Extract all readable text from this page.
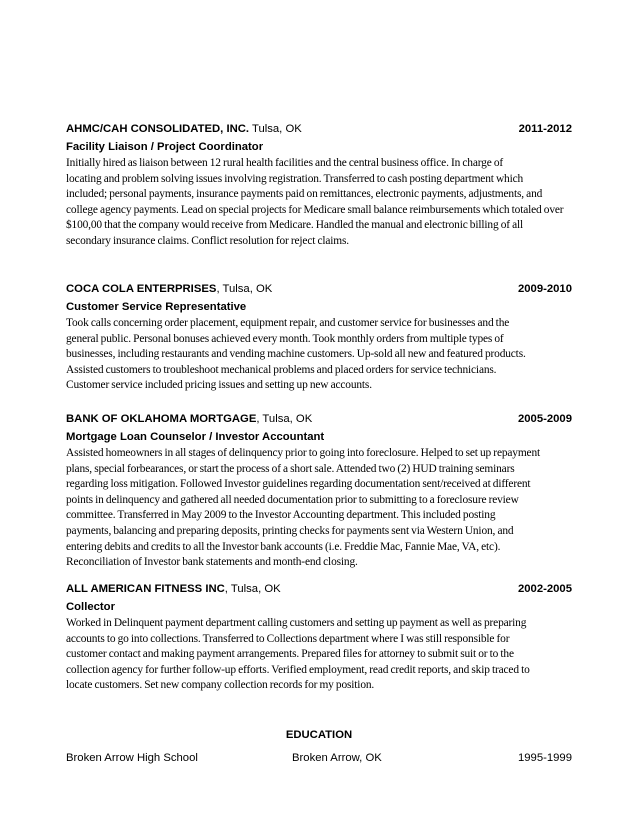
AHMC/CAH CONSOLIDATED, INC. Tulsa, OK	2011-2012
Facility Liaison / Project Coordinator
Initially hired as liaison between 12 rural health facilities and the central business office. In charge of
locating and problem solving issues involving registration. Transferred to cash posting department which
included; personal payments, insurance payments paid on remittances, electronic payments, adjustments, and
college agency payments. Lead on special projects for Medicare small balance reimbursements which totaled over
$100,00 that the company would receive from Medicare. Handled the manual and electronic billing of all
secondary insurance claims. Conflict resolution for reject claims.
COCA COLA ENTERPRISES, Tulsa, OK	2009-2010
Customer Service Representative
Took calls concerning order placement, equipment repair, and customer service for businesses and the
general public. Personal bonuses achieved every month. Took monthly orders from multiple types of
businesses, including restaurants and vending machine customers. Up-sold all new and featured products.
Assisted customers to troubleshoot mechanical problems and placed orders for service technicians.
Customer service included pricing issues and setting up new accounts.
BANK OF OKLAHOMA MORTGAGE, Tulsa, OK	2005-2009
Mortgage Loan Counselor / Investor Accountant
Assisted homeowners in all stages of delinquency prior to going into foreclosure. Helped to set up repayment
plans, special forbearances, or start the process of a short sale. Attended two (2) HUD training seminars
regarding loss mitigation. Followed Investor guidelines regarding documentation sent/received at different
points in delinquency and gathered all needed documentation prior to submitting to a foreclosure review
committee. Transferred in May 2009 to the Investor Accounting department. This included posting
payments, balancing and preparing deposits, printing checks for payments sent via Western Union, and
entering debits and credits to all the Investor bank accounts (i.e. Freddie Mac, Fannie Mae, VA, etc).
Reconciliation of Investor bank statements and month-end closing.
ALL AMERICAN FITNESS INC, Tulsa, OK	2002-2005
Collector
Worked in Delinquent payment department calling customers and setting up payment as well as preparing
accounts to go into collections. Transferred to Collections department where I was still responsible for
customer contact and making payment arrangements. Prepared files for attorney to submit suit or to the
collection agency for further follow-up efforts. Verified employment, read credit reports, and skip traced to
locate customers. Set new company collection records for my position.
EDUCATION
Broken Arrow High School	Broken Arrow, OK	1995-1999
